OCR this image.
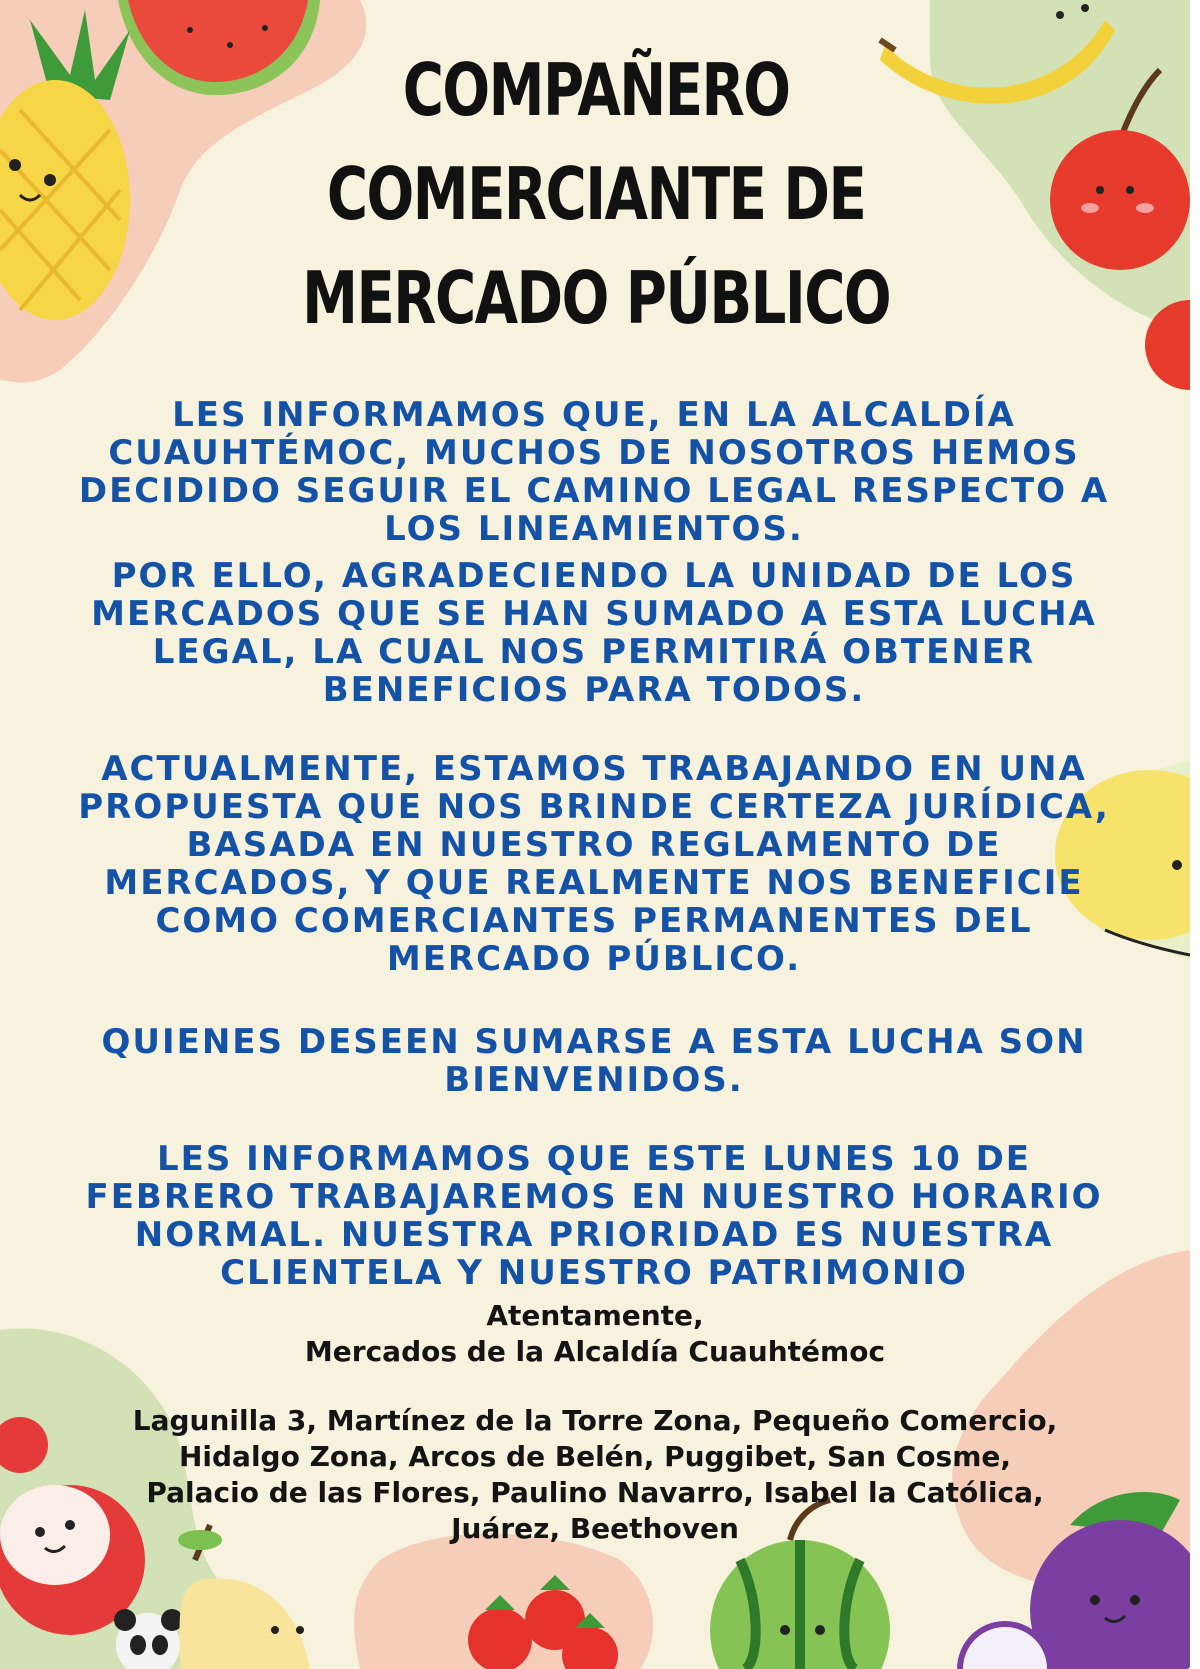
COMPAÑERO
COMERCIANTE DE
MERCADO PÚBLICO
LES INFORMAMOS QUE, EN LA ALCALDÍA
CUAUHTÉMOC, MUCHOS DE NOSOTROS HEMOS
DECIDIDO SEGUIR EL CAMINO LEGAL RESPECTO A
LOS LINEAMIENTOS.
POR ELLO, AGRADECIENDO LA UNIDAD DE LOS
MERCADOS QUE SE HAN SUMADO A ESTA LUCHA
LEGAL, LA CUAL NOS PERMITIRÁ OBTENER
BENEFICIOS PARA TODOS.
ACTUALMENTE, ESTAMOS TRABAJANDO EN UNA
PROPUESTA QUE NOS BRINDE CERTEZA JURÍDICA,
BASADA EN NUESTRO REGLAMENTO DE
MERCADOS, Y QUE REALMENTE NOS BENEFICIE
COMO COMERCIANTES PERMANENTES DEL
MERCADO PÚBLICO.
QUIENES DESEEN SUMARSE A ESTA LUCHA SON
BIENVENIDOS.
LES INFORMAMOS QUE ESTE LUNES 10 DE
FEBRERO TRABAJAREMOS EN NUESTRO HORARIO
NORMAL. NUESTRA PRIORIDAD ES NUESTRA
CLIENTELA Y NUESTRO PATRIMONIO
Atentamente,
Mercados de la Alcaldía Cuauhtémoc
Lagunilla 3, Martínez de la Torre Zona, Pequeño Comercio,
Hidalgo Zona, Arcos de Belén, Puggibet, San Cosme,
Palacio de las Flores, Paulino Navarro, Isabel la Católica,
Juárez, Beethoven
